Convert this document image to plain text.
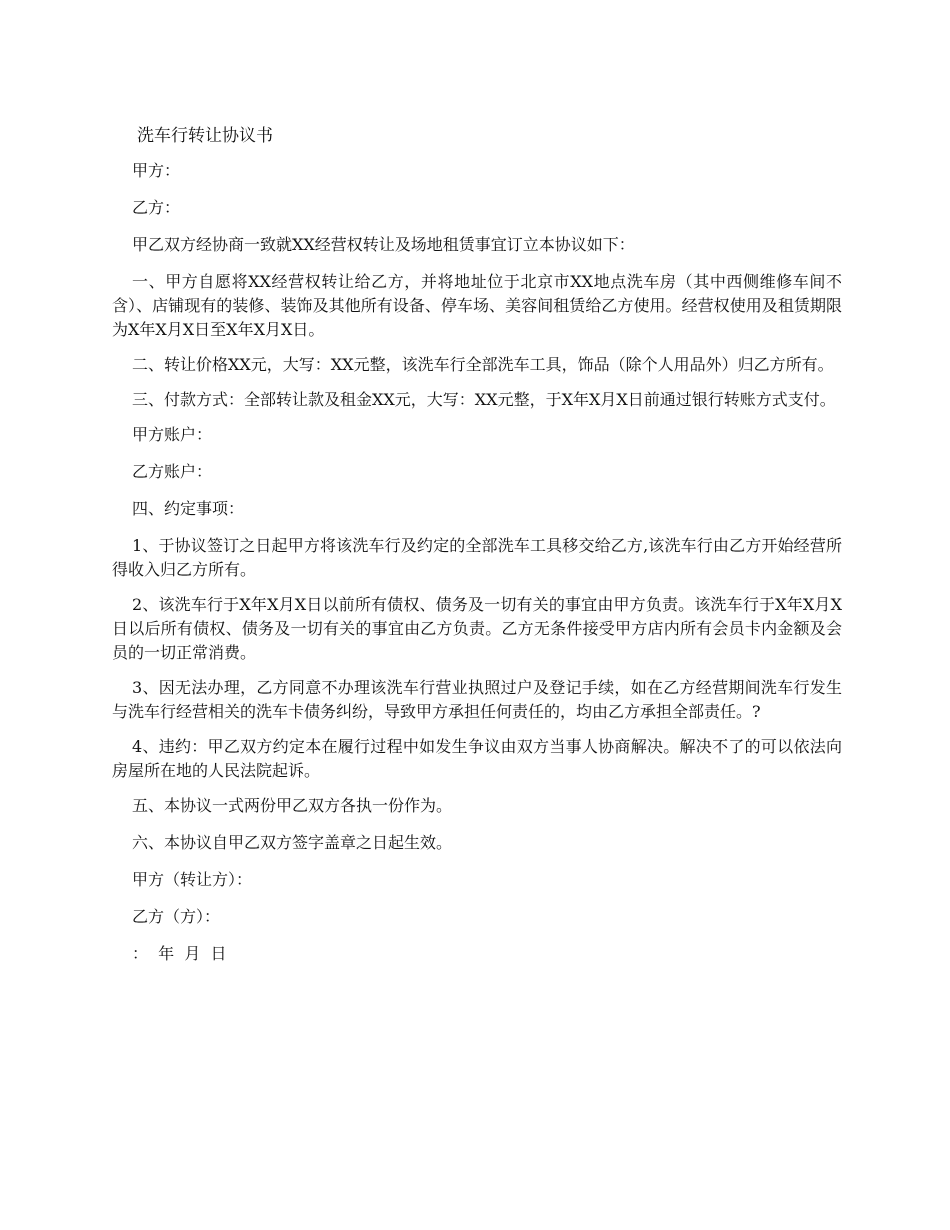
洗车行转让协议书

甲方：

乙方：

甲乙双方经协商一致就XX经营权转让及场地租赁事宜订立本协议如下：

一、甲方自愿将XX经营权转让给乙方，并将地址位于北京市XX地点洗车房（其中西侧维修车间不含）、店铺现有的装修、装饰及其他所有设备、停车场、美容间租赁给乙方使用。经营权使用及租赁期限为X年X月X日至X年X月X日。

二、转让价格XX元，大写：XX元整，该洗车行全部洗车工具，饰品（除个人用品外）归乙方所有。

三、付款方式：全部转让款及租金XX元，大写：XX元整，于X年X月X日前通过银行转账方式支付。

甲方账户：

乙方账户：

四、约定事项：

1、于协议签订之日起甲方将该洗车行及约定的全部洗车工具移交给乙方,该洗车行由乙方开始经营所得收入归乙方所有。

2、该洗车行于X年X月X日以前所有债权、债务及一切有关的事宜由甲方负责。该洗车行于X年X月X日以后所有债权、债务及一切有关的事宜由乙方负责。乙方无条件接受甲方店内所有会员卡内金额及会员的一切正常消费。

3、因无法办理，乙方同意不办理该洗车行营业执照过户及登记手续，如在乙方经营期间洗车行发生与洗车行经营相关的洗车卡债务纠纷，导致甲方承担任何责任的，均由乙方承担全部责任。?

4、违约：甲乙双方约定本在履行过程中如发生争议由双方当事人协商解决。解决不了的可以依法向房屋所在地的人民法院起诉。

五、本协议一式两份甲乙双方各执一份作为。

六、本协议自甲乙双方签字盖章之日起生效。

甲方（转让方）：

乙方（方）：

：  年  月  日
